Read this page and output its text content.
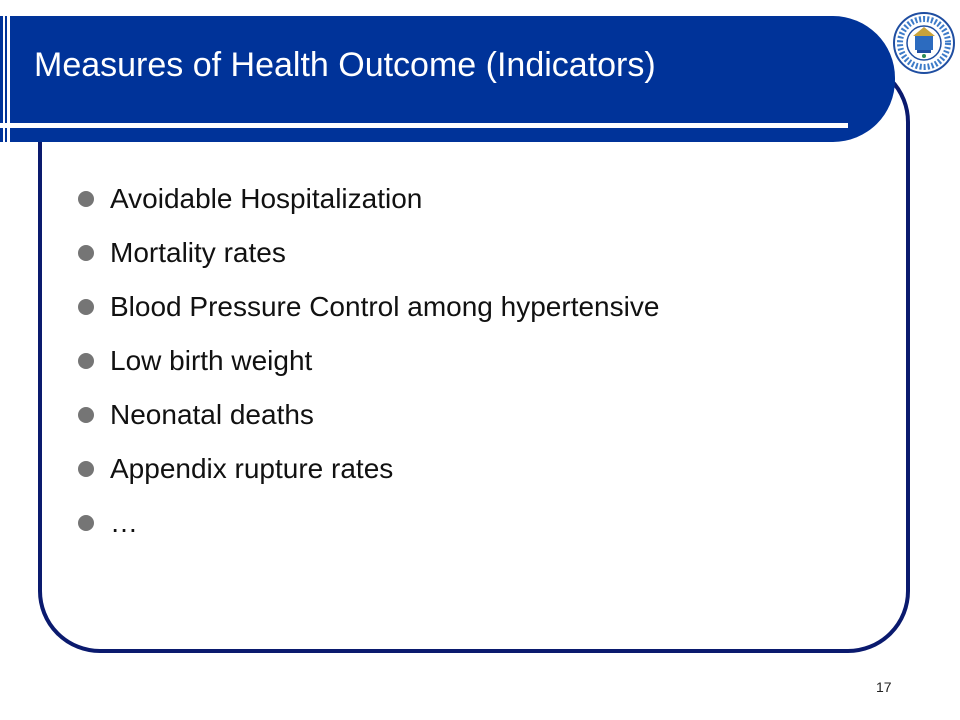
Measures of Health Outcome (Indicators)
Avoidable Hospitalization
Mortality rates
Blood Pressure Control among hypertensive
Low birth weight
Neonatal deaths
Appendix rupture rates
…
17
